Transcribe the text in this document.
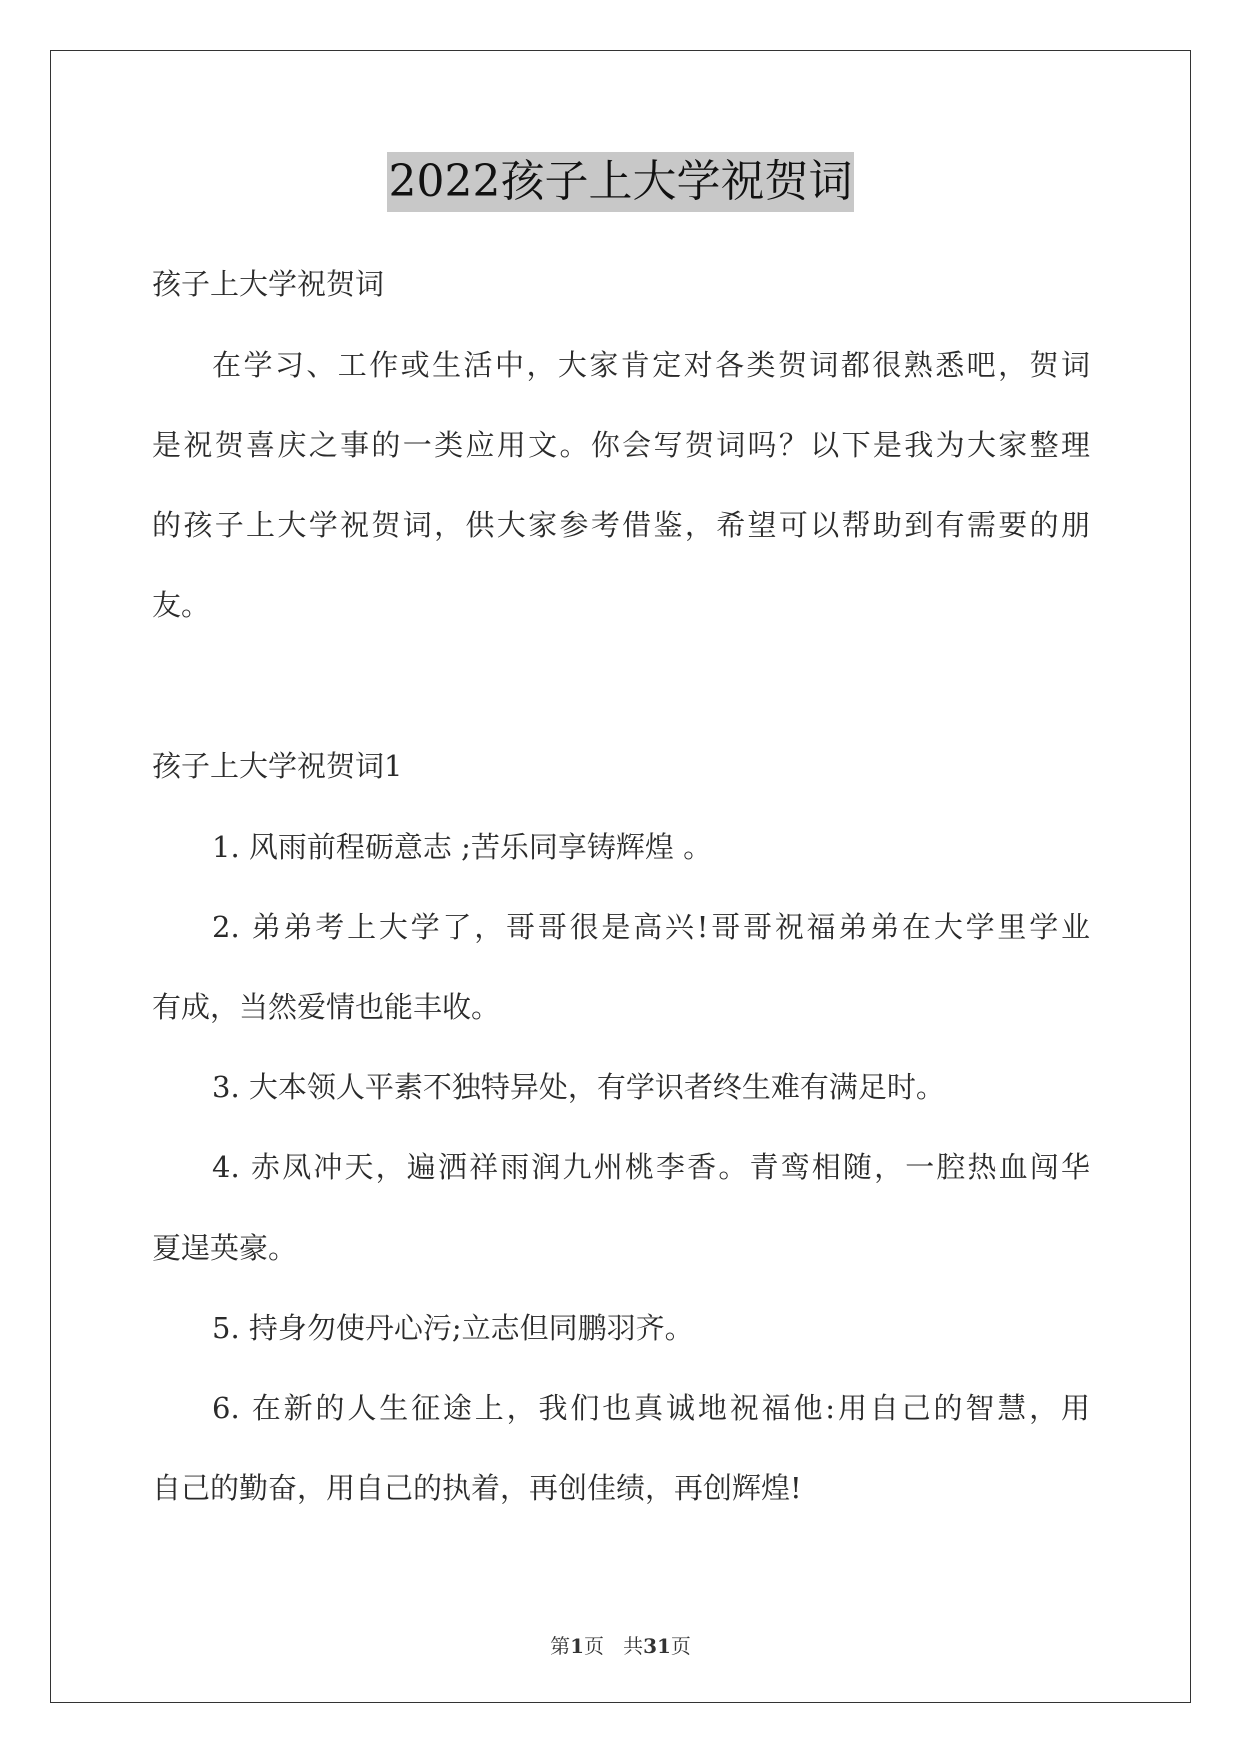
2022孩子上大学祝贺词
孩子上大学祝贺词
在学习、工作或生活中，大家肯定对各类贺词都很熟悉吧，贺词
是祝贺喜庆之事的一类应用文。你会写贺词吗？以下是我为大家整理
的孩子上大学祝贺词，供大家参考借鉴，希望可以帮助到有需要的朋
友。
孩子上大学祝贺词1
1. 风雨前程砺意志 ;苦乐同享铸辉煌 。
2. 弟弟考上大学了，哥哥很是高兴!哥哥祝福弟弟在大学里学业
有成，当然爱情也能丰收。
3. 大本领人平素不独特异处，有学识者终生难有满足时。
4. 赤凤冲天，遍洒祥雨润九州桃李香。青鸾相随，一腔热血闯华
夏逞英豪。
5. 持身勿使丹心污;立志但同鹏羽齐。
6. 在新的人生征途上，我们也真诚地祝福他:用自己的智慧，用
自己的勤奋，用自己的执着，再创佳绩，再创辉煌!
第1页 共31页
